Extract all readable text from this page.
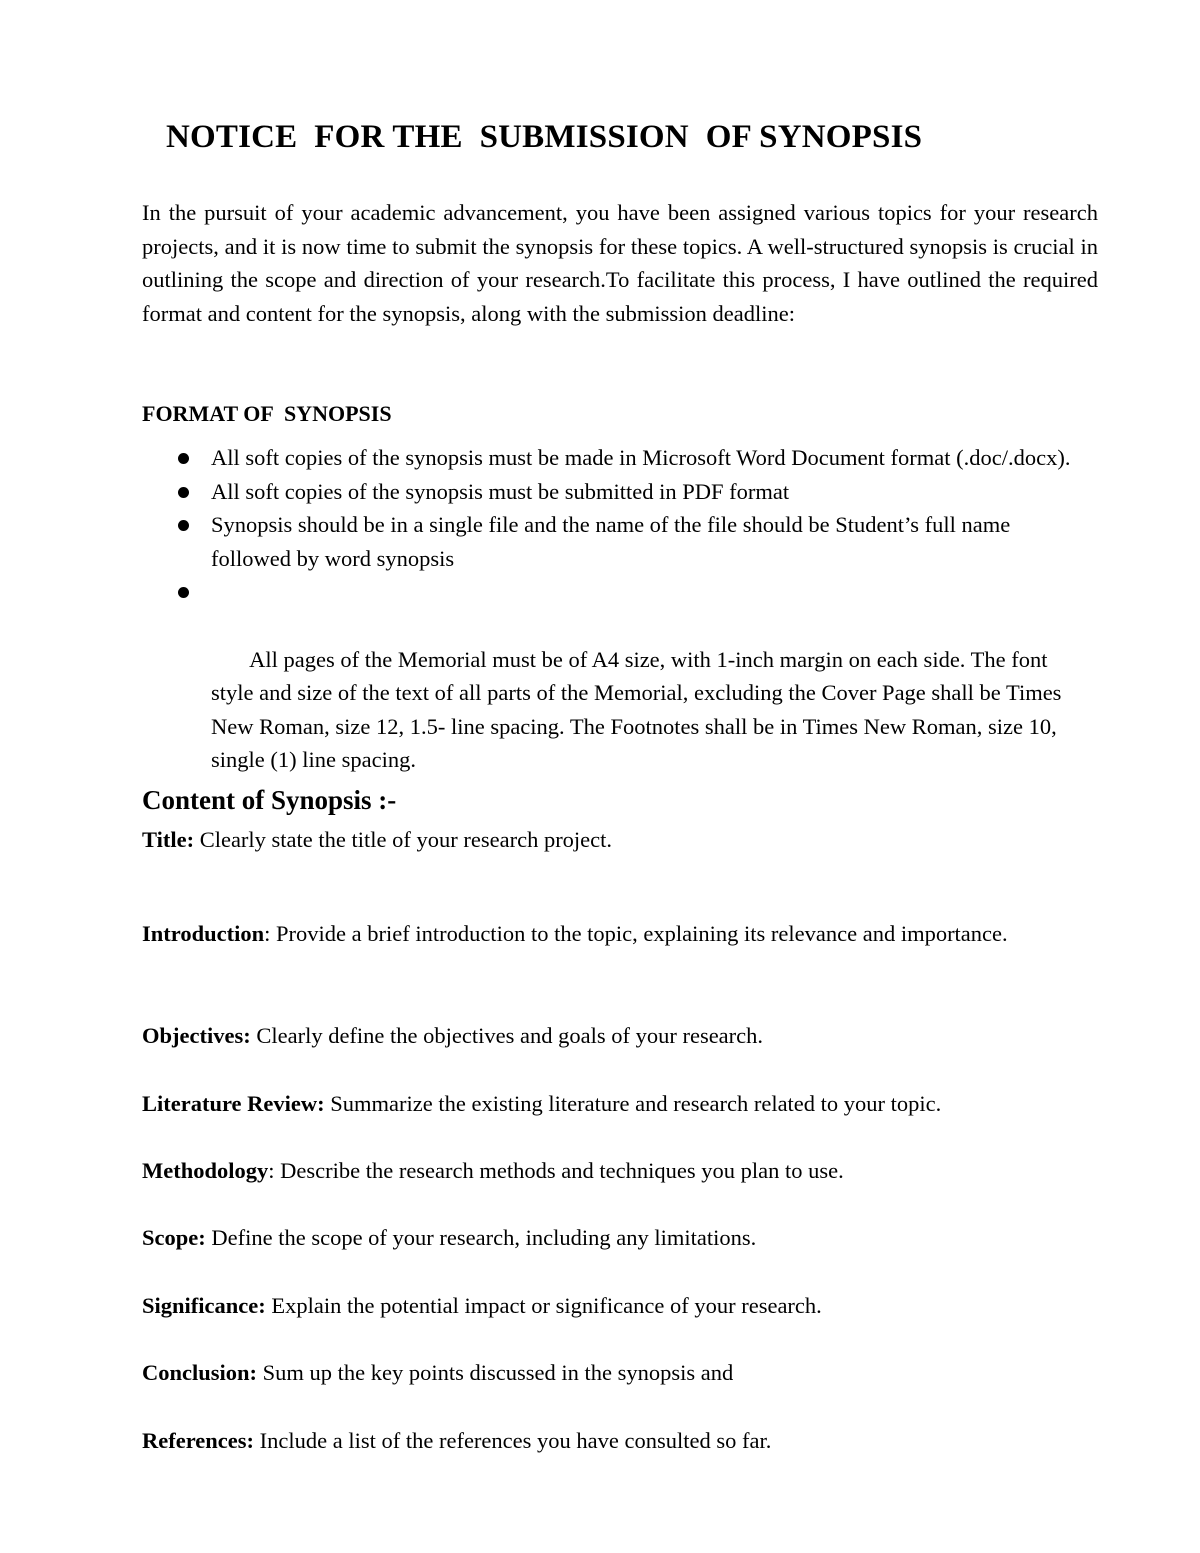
NOTICE  FOR THE  SUBMISSION  OF SYNOPSIS

In the pursuit of your academic advancement, you have been assigned various topics for your research projects, and it is now time to submit the synopsis for these topics. A well-structured synopsis is crucial in outlining the scope and direction of your research.To facilitate this process, I have outlined the required format and content for the synopsis, along with the submission deadline:

FORMAT OF  SYNOPSIS
All soft copies of the synopsis must be made in Microsoft Word Document format (.doc/.docx).
All soft copies of the synopsis must be submitted in PDF format
Synopsis should be in a single file and the name of the file should be Student’s full name followed by word synopsis

All pages of the Memorial must be of A4 size, with 1-inch margin on each side. The font style and size of the text of all parts of the Memorial, excluding the Cover Page shall be Times New Roman, size 12, 1.5- line spacing. The Footnotes shall be in Times New Roman, size 10, single (1) line spacing.

Content of Synopsis :-

Title: Clearly state the title of your research project.

Introduction: Provide a brief introduction to the topic, explaining its relevance and importance.

Objectives: Clearly define the objectives and goals of your research.

Literature Review: Summarize the existing literature and research related to your topic.

Methodology: Describe the research methods and techniques you plan to use.

Scope: Define the scope of your research, including any limitations.

Significance: Explain the potential impact or significance of your research.

Conclusion: Sum up the key points discussed in the synopsis and

References: Include a list of the references you have consulted so far.
